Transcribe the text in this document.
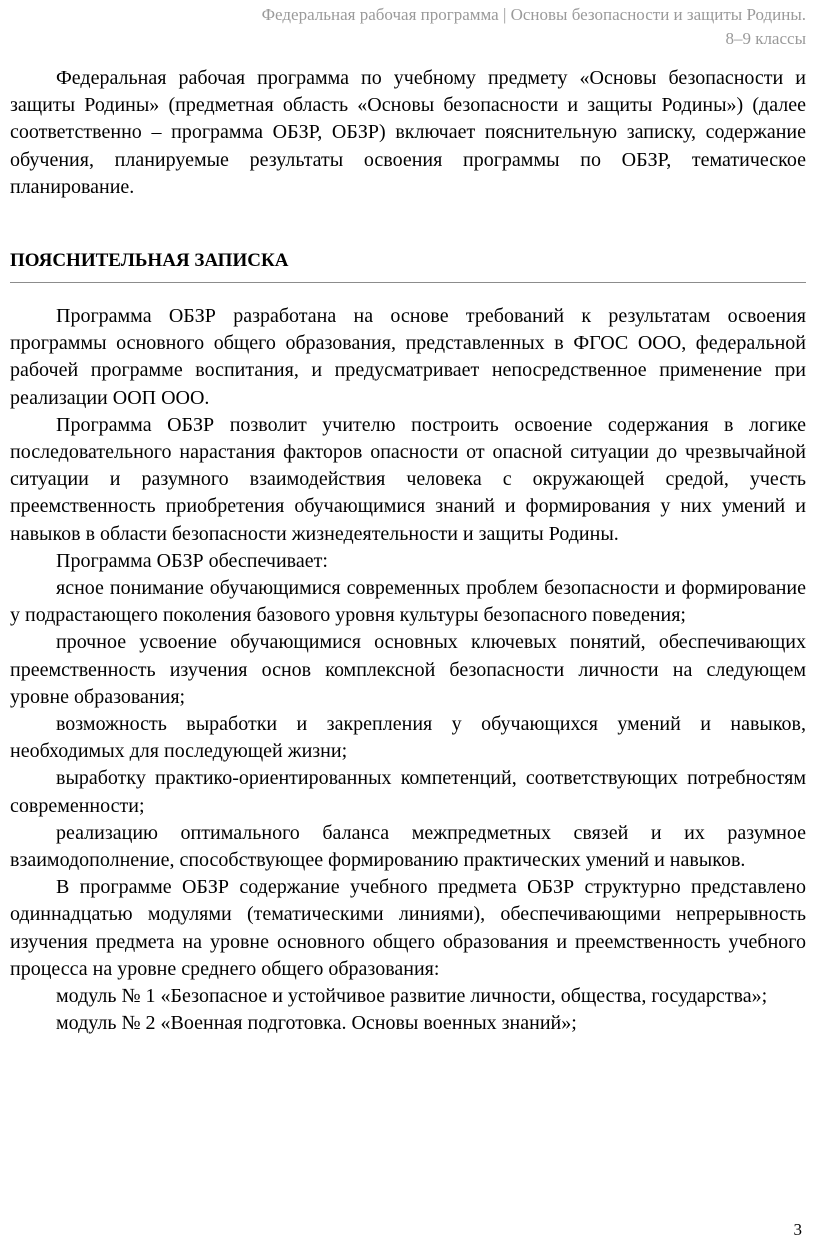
Федеральная рабочая программа | Основы безопасности и защиты Родины.
8–9 классы

Федеральная рабочая программа по учебному предмету «Основы безопасности и защиты Родины» (предметная область «Основы безопасности и защиты Родины») (далее соответственно – программа ОБЗР, ОБЗР) включает пояснительную записку, содержание обучения, планируемые результаты освоения программы по ОБЗР, тематическое планирование.

ПОЯСНИТЕЛЬНАЯ ЗАПИСКА

Программа ОБЗР разработана на основе требований к результатам освоения программы основного общего образования, представленных в ФГОС ООО, федеральной рабочей программе воспитания, и предусматривает непосредственное применение при реализации ООП ООО.

Программа ОБЗР позволит учителю построить освоение содержания в логике последовательного нарастания факторов опасности от опасной ситуации до чрезвычайной ситуации и разумного взаимодействия человека с окружающей средой, учесть преемственность приобретения обучающимися знаний и формирования у них умений и навыков в области безопасности жизнедеятельности и защиты Родины.

Программа ОБЗР обеспечивает:

ясное понимание обучающимися современных проблем безопасности и формирование у подрастающего поколения базового уровня культуры безопасного поведения;

прочное усвоение обучающимися основных ключевых понятий, обеспечивающих преемственность изучения основ комплексной безопасности личности на следующем уровне образования;

возможность выработки и закрепления у обучающихся умений и навыков, необходимых для последующей жизни;

выработку практико-ориентированных компетенций, соответствующих потребностям современности;

реализацию оптимального баланса межпредметных связей и их разумное взаимодополнение, способствующее формированию практических умений и навыков.

В программе ОБЗР содержание учебного предмета ОБЗР структурно представлено одиннадцатью модулями (тематическими линиями), обеспечивающими непрерывность изучения предмета на уровне основного общего образования и преемственность учебного процесса на уровне среднего общего образования:

модуль № 1 «Безопасное и устойчивое развитие личности, общества, государства»;

модуль № 2 «Военная подготовка. Основы военных знаний»;

3
